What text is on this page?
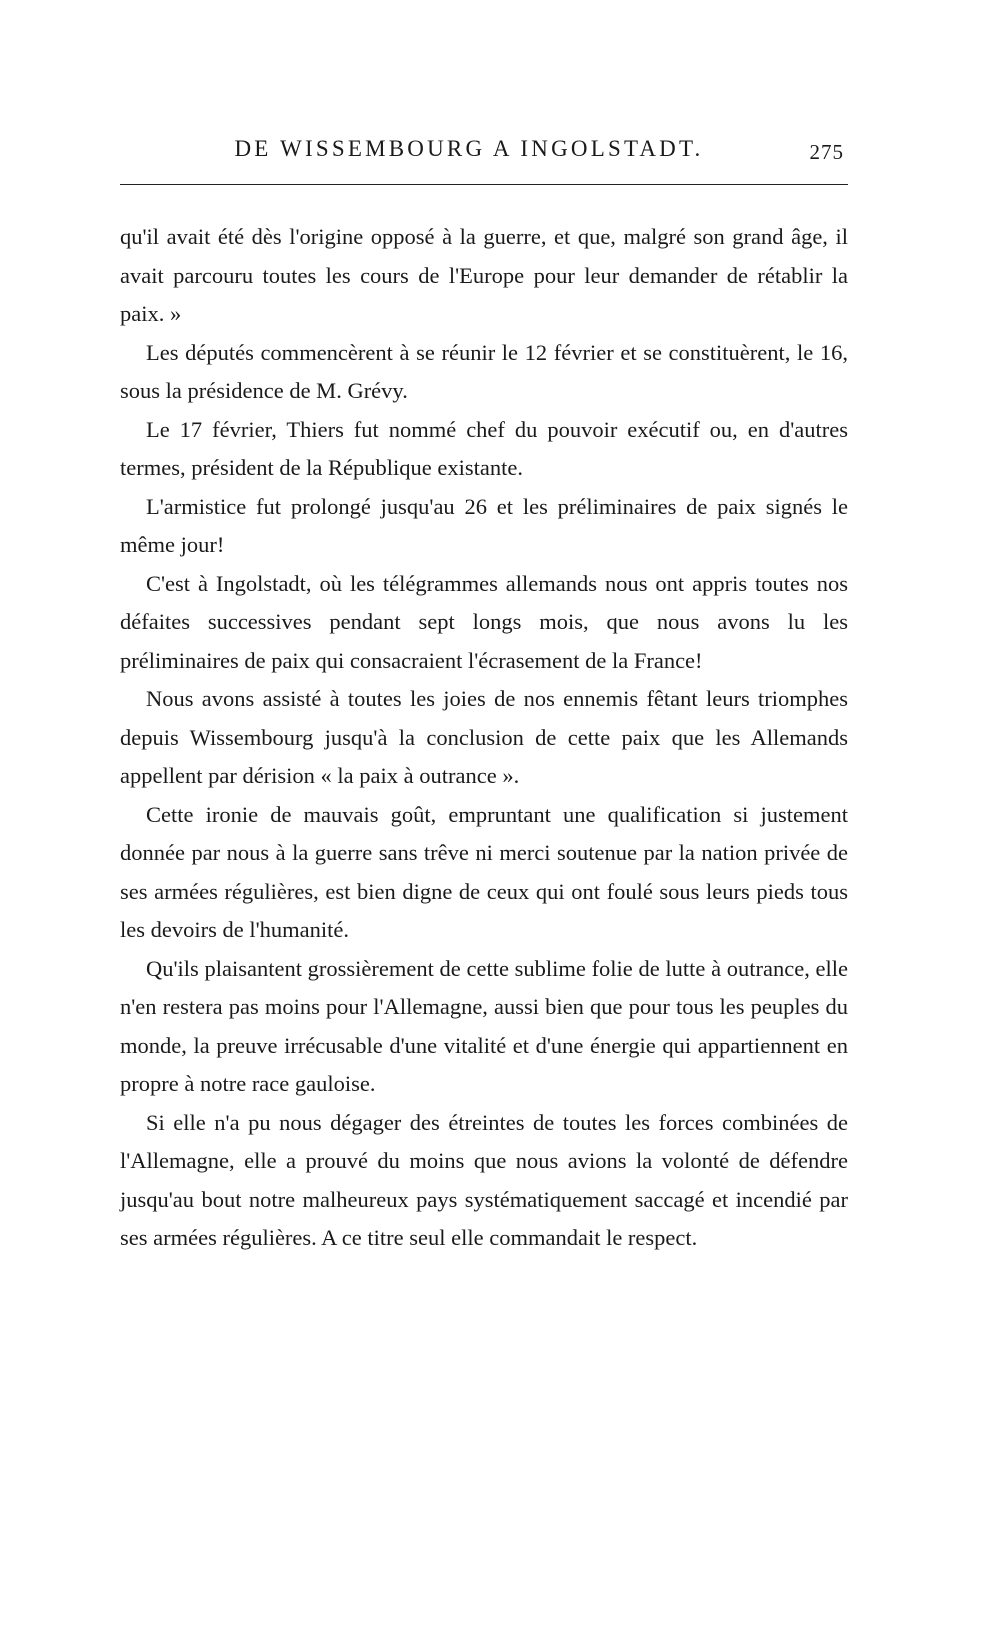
DE WISSEMBOURG A INGOLSTADT.	275

qu'il avait été dès l'origine opposé à la guerre, et que, malgré son grand âge, il avait parcouru toutes les cours de l'Europe pour leur demander de rétablir la paix. »

Les députés commencèrent à se réunir le 12 février et se constituèrent, le 16, sous la présidence de M. Grévy.

Le 17 février, Thiers fut nommé chef du pouvoir exécutif ou, en d'autres termes, président de la République existante.

L'armistice fut prolongé jusqu'au 26 et les préliminaires de paix signés le même jour!

C'est à Ingolstadt, où les télégrammes allemands nous ont appris toutes nos défaites successives pendant sept longs mois, que nous avons lu les préliminaires de paix qui consacraient l'écrasement de la France!

Nous avons assisté à toutes les joies de nos ennemis fêtant leurs triomphes depuis Wissembourg jusqu'à la conclusion de cette paix que les Allemands appellent par dérision « la paix à outrance ».

Cette ironie de mauvais goût, empruntant une qualification si justement donnée par nous à la guerre sans trêve ni merci soutenue par la nation privée de ses armées régulières, est bien digne de ceux qui ont foulé sous leurs pieds tous les devoirs de l'humanité.

Qu'ils plaisantent grossièrement de cette sublime folie de lutte à outrance, elle n'en restera pas moins pour l'Allemagne, aussi bien que pour tous les peuples du monde, la preuve irrécusable d'une vitalité et d'une énergie qui appartiennent en propre à notre race gauloise.

Si elle n'a pu nous dégager des étreintes de toutes les forces combinées de l'Allemagne, elle a prouvé du moins que nous avions la volonté de défendre jusqu'au bout notre malheureux pays systématiquement saccagé et incendié par ses armées régulières. A ce titre seul elle commandait le respect.
